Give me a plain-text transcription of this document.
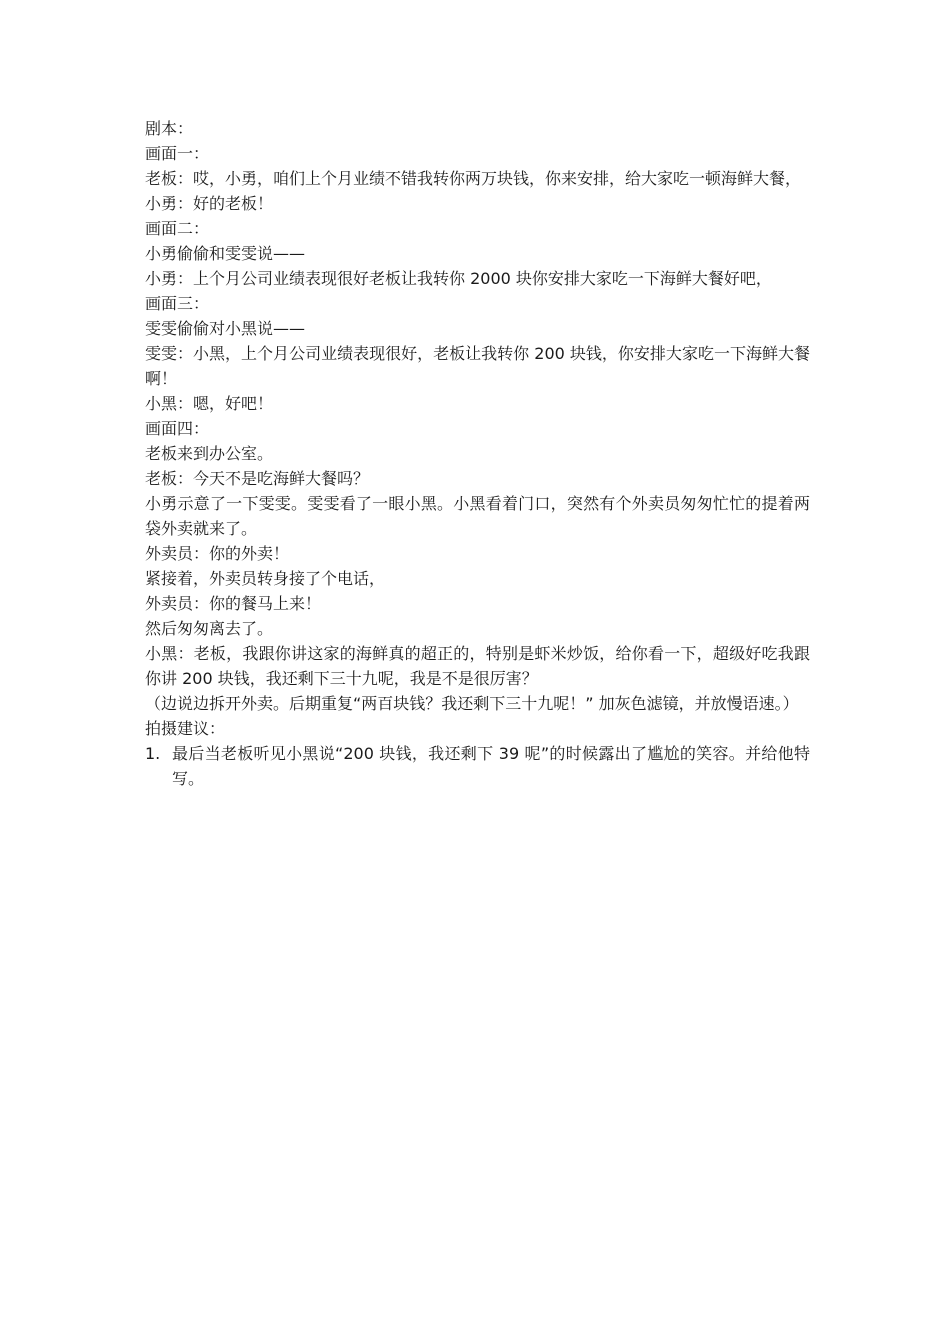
剧本：

画面一：

老板：哎，小勇，咱们上个月业绩不错我转你两万块钱，你来安排，给大家吃一顿海鲜大餐，

小勇：好的老板！

画面二：

小勇偷偷和雯雯说——

小勇：上个月公司业绩表现很好老板让我转你 2000 块你安排大家吃一下海鲜大餐好吧，

画面三：

雯雯偷偷对小黑说——

雯雯：小黑，上个月公司业绩表现很好，老板让我转你 200 块钱，你安排大家吃一下海鲜大餐啊！

小黑：嗯，好吧！

画面四：

老板来到办公室。

老板：今天不是吃海鲜大餐吗？

小勇示意了一下雯雯。雯雯看了一眼小黑。小黑看着门口，突然有个外卖员匆匆忙忙的提着两袋外卖就来了。

外卖员：你的外卖！

紧接着，外卖员转身接了个电话，

外卖员：你的餐马上来！

然后匆匆离去了。

小黑：老板，我跟你讲这家的海鲜真的超正的，特别是虾米炒饭，给你看一下，超级好吃我跟你讲 200 块钱，我还剩下三十九呢，我是不是很厉害？

（边说边拆开外卖。后期重复“两百块钱？我还剩下三十九呢！” 加灰色滤镜，并放慢语速。）

拍摄建议：

1. 最后当老板听见小黑说“200 块钱，我还剩下 39 呢”的时候露出了尴尬的笑容。并给他特写。
